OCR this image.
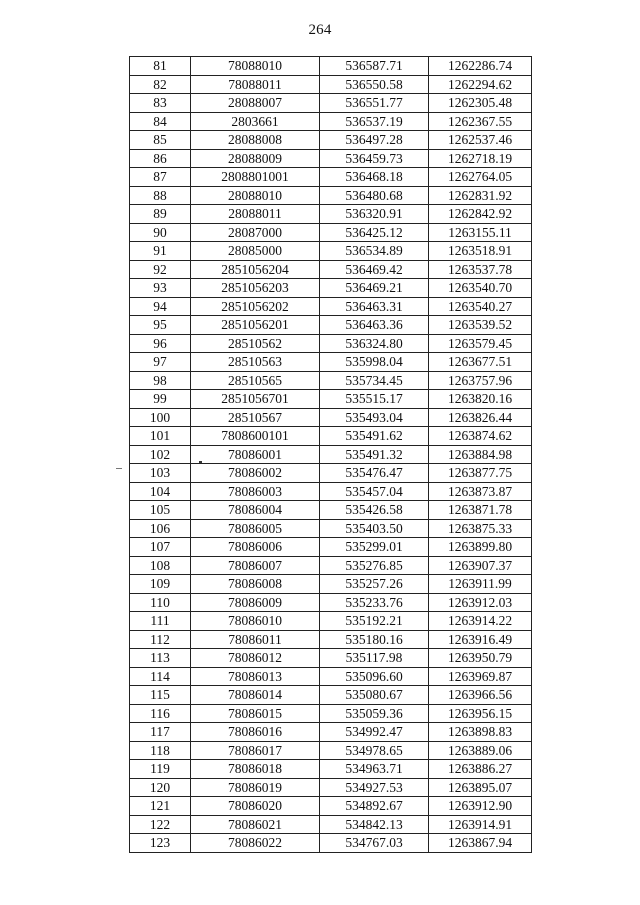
264
81	78088010	536587.71	1262286.74
82	78088011	536550.58	1262294.62
83	28088007	536551.77	1262305.48
84	2803661	536537.19	1262367.55
85	28088008	536497.28	1262537.46
86	28088009	536459.73	1262718.19
87	2808801001	536468.18	1262764.05
88	28088010	536480.68	1262831.92
89	28088011	536320.91	1262842.92
90	28087000	536425.12	1263155.11
91	28085000	536534.89	1263518.91
92	2851056204	536469.42	1263537.78
93	2851056203	536469.21	1263540.70
94	2851056202	536463.31	1263540.27
95	2851056201	536463.36	1263539.52
96	28510562	536324.80	1263579.45
97	28510563	535998.04	1263677.51
98	28510565	535734.45	1263757.96
99	2851056701	535515.17	1263820.16
100	28510567	535493.04	1263826.44
101	7808600101	535491.62	1263874.62
102	78086001	535491.32	1263884.98
103	78086002	535476.47	1263877.75
104	78086003	535457.04	1263873.87
105	78086004	535426.58	1263871.78
106	78086005	535403.50	1263875.33
107	78086006	535299.01	1263899.80
108	78086007	535276.85	1263907.37
109	78086008	535257.26	1263911.99
110	78086009	535233.76	1263912.03
111	78086010	535192.21	1263914.22
112	78086011	535180.16	1263916.49
113	78086012	535117.98	1263950.79
114	78086013	535096.60	1263969.87
115	78086014	535080.67	1263966.56
116	78086015	535059.36	1263956.15
117	78086016	534992.47	1263898.83
118	78086017	534978.65	1263889.06
119	78086018	534963.71	1263886.27
120	78086019	534927.53	1263895.07
121	78086020	534892.67	1263912.90
122	78086021	534842.13	1263914.91
123	78086022	534767.03	1263867.94
